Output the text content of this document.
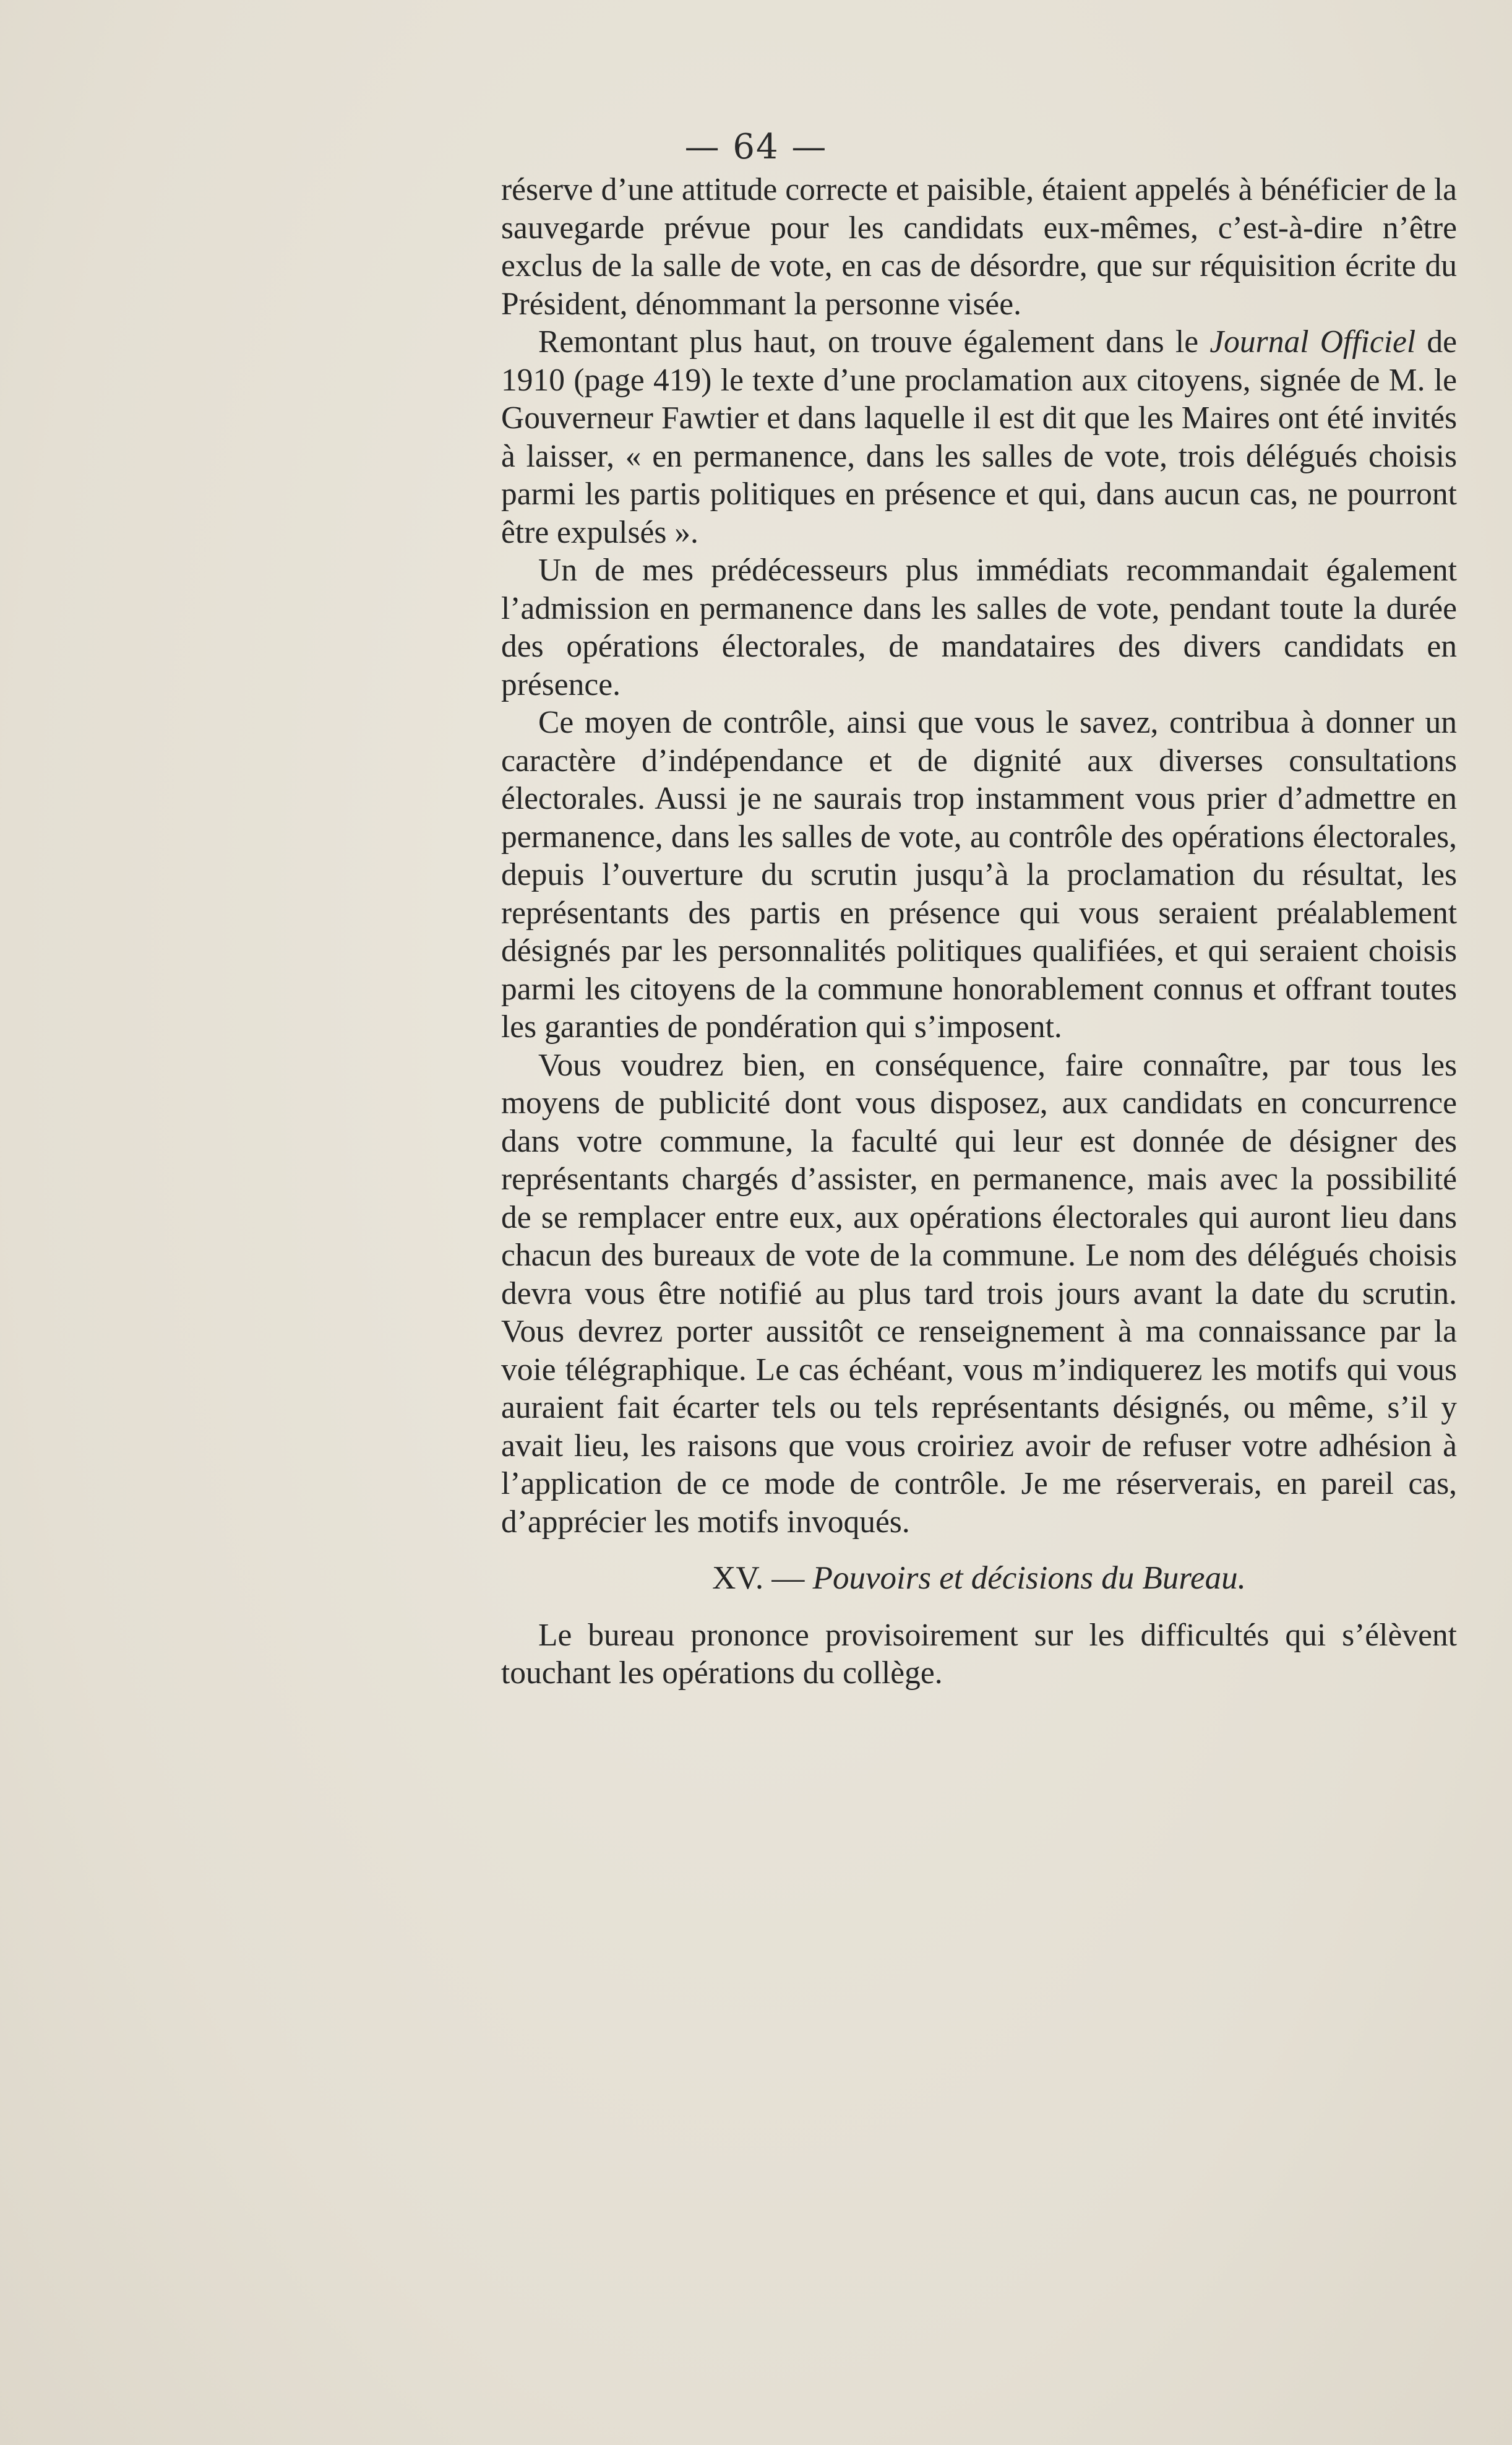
— 64 —

réserve d’une attitude correcte et paisible, étaient appelés à bénéficier de la sauvegarde prévue pour les candidats eux-mêmes, c’est-à-dire n’être exclus de la salle de vote, en cas de désordre, que sur réquisition écrite du Président, dénommant la personne visée.

Remontant plus haut, on trouve également dans le Journal Officiel de 1910 (page 419) le texte d’une proclamation aux citoyens, signée de M. le Gouverneur Fawtier et dans laquelle il est dit que les Maires ont été invités à laisser, « en permanence, dans les salles de vote, trois délégués choisis parmi les partis politiques en présence et qui, dans aucun cas, ne pourront être expulsés ».

Un de mes prédécesseurs plus immédiats recommandait également l’admission en permanence dans les salles de vote, pendant toute la durée des opérations électorales, de mandataires des divers candidats en présence.

Ce moyen de contrôle, ainsi que vous le savez, contribua à donner un caractère d’indépendance et de dignité aux diverses consultations électorales. Aussi je ne saurais trop instamment vous prier d’admettre en permanence, dans les salles de vote, au contrôle des opérations électorales, depuis l’ouverture du scrutin jusqu’à la proclamation du résultat, les représentants des partis en présence qui vous seraient préalablement désignés par les personnalités politiques qualifiées, et qui seraient choisis parmi les citoyens de la commune honorablement connus et offrant toutes les garanties de pondération qui s’imposent.

Vous voudrez bien, en conséquence, faire connaître, par tous les moyens de publicité dont vous disposez, aux candidats en concurrence dans votre commune, la faculté qui leur est donnée de désigner des représentants chargés d’assister, en permanence, mais avec la possibilité de se remplacer entre eux, aux opérations électorales qui auront lieu dans chacun des bureaux de vote de la commune. Le nom des délégués choisis devra vous être notifié au plus tard trois jours avant la date du scrutin. Vous devrez porter aussitôt ce renseignement à ma connaissance par la voie télégraphique. Le cas échéant, vous m’indiquerez les motifs qui vous auraient fait écarter tels ou tels représentants désignés, ou même, s’il y avait lieu, les raisons que vous croiriez avoir de refuser votre adhésion à l’application de ce mode de contrôle. Je me réserverais, en pareil cas, d’apprécier les motifs invoqués.

XV. — Pouvoirs et décisions du Bureau.

Le bureau prononce provisoirement sur les difficultés qui s’élèvent touchant les opérations du collège.
